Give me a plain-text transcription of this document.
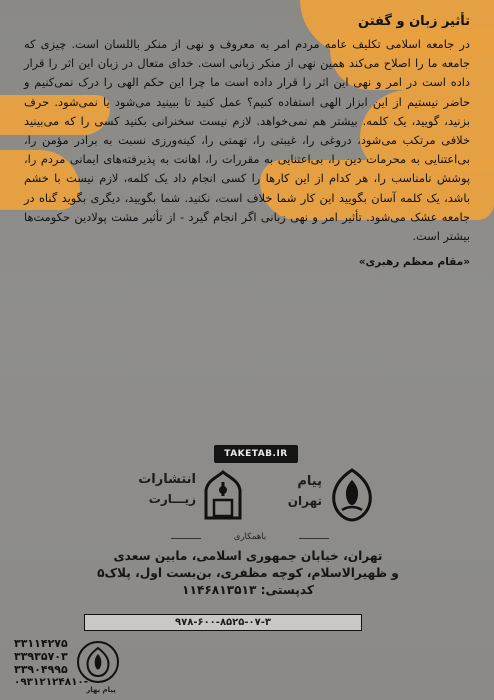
تأثیر زبان و گفتن

در جامعه اسلامی تکلیف عامه مردم امر به معروف و نهی از منکر باللسان است. چیزی که جامعه ما را اصلاح می‌کند همین نهی از منکر زبانی است. خدای متعال در زبان این اثر را قرار داده است در امر و نهی این اثر را قرار داده است ما چرا این حکم الهی را درک نمی‌کنیم و حاضر نیستیم از این ابزار الهی استفاده کنیم؟ عمل کنید تا ببینید می‌شود یا نمی‌شود. حرف بزنید، گویید، یک کلمه. بیشتر هم نمی‌خواهد. لازم نیست سخنرانی بکنید کسی را که می‌بینید خلافی مرتکب می‌شود، دروغی را، غیبتی را، تهمتی را، کینه‌ورزی نسبت به برادر مؤمن را، بی‌اعتنایی به محرمات دین را، بی‌اعتنایی به مقررات را، اهانت به پذیرفته‌های ایمانی مردم را، پوشش نامناسب را، هر کدام از این کارها را کسی انجام داد یک کلمه، لازم نیست با خشم باشد، یک کلمه آسان بگویید این کار شما خلاف است، نکنید. شما بگویید، دیگری بگوید گناه در جامعه عشک می‌شود. تأثیر امر و نهی زبانی اگر انجام گیرد - از تأثیر مشت پولادین حکومت‌ها بیشتر است.

«مقام معظم رهبری»
TAKETAB.IR
انتشارات
زیـــارت
پیام
تهران
باهمکاری
تهران، خیابان جمهوری اسلامی، مابین سعدی
و ظهیرالاسلام، کوچه مظفری، بن‌بست اول، پلاک۵
کدپستی: ۱۱۴۶۸۱۳۵۱۳
۹۷۸-۶۰۰-۸۵۲۵-۰۷-۳
۳۳۱۱۴۲۷۵
۳۳۹۳۵۷۰۳
۳۳۹۰۴۹۹۵
۰۹۳۱۲۱۲۴۸۱۰-
پیام بهار
